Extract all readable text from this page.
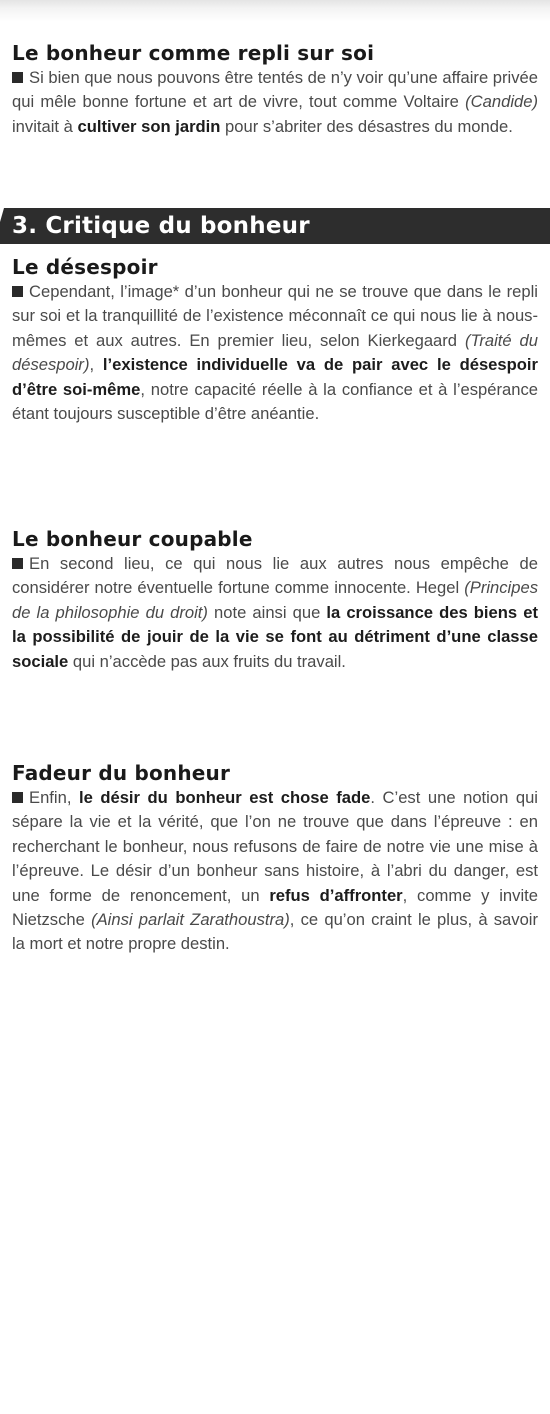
Le bonheur comme repli sur soi

Si bien que nous pouvons être tentés de n’y voir qu’une affaire privée qui mêle bonne fortune et art de vivre, tout comme Voltaire (Candide) invitait à cultiver son jardin pour s’abriter des désastres du monde.

3. Critique du bonheur
Le désespoir

Cependant, l’image* d’un bonheur qui ne se trouve que dans le repli sur soi et la tranquillité de l’existence méconnaît ce qui nous lie à nous-mêmes et aux autres. En premier lieu, selon Kierkegaard (Traité du désespoir), l’existence individuelle va de pair avec le désespoir d’être soi-même, notre capacité réelle à la confiance et à l’espérance étant toujours susceptible d’être anéantie.

Le bonheur coupable

En second lieu, ce qui nous lie aux autres nous empêche de considérer notre éventuelle fortune comme innocente. Hegel (Principes de la philosophie du droit) note ainsi que la croissance des biens et la possibilité de jouir de la vie se font au détriment d’une classe sociale qui n’accède pas aux fruits du travail.

Fadeur du bonheur

Enfin, le désir du bonheur est chose fade. C’est une notion qui sépare la vie et la vérité, que l’on ne trouve que dans l’épreuve : en recherchant le bonheur, nous refusons de faire de notre vie une mise à l’épreuve. Le désir d’un bonheur sans histoire, à l’abri du danger, est une forme de renoncement, un refus d’affronter, comme y invite Nietzsche (Ainsi parlait Zarathoustra), ce qu’on craint le plus, à savoir la mort et notre propre destin.
